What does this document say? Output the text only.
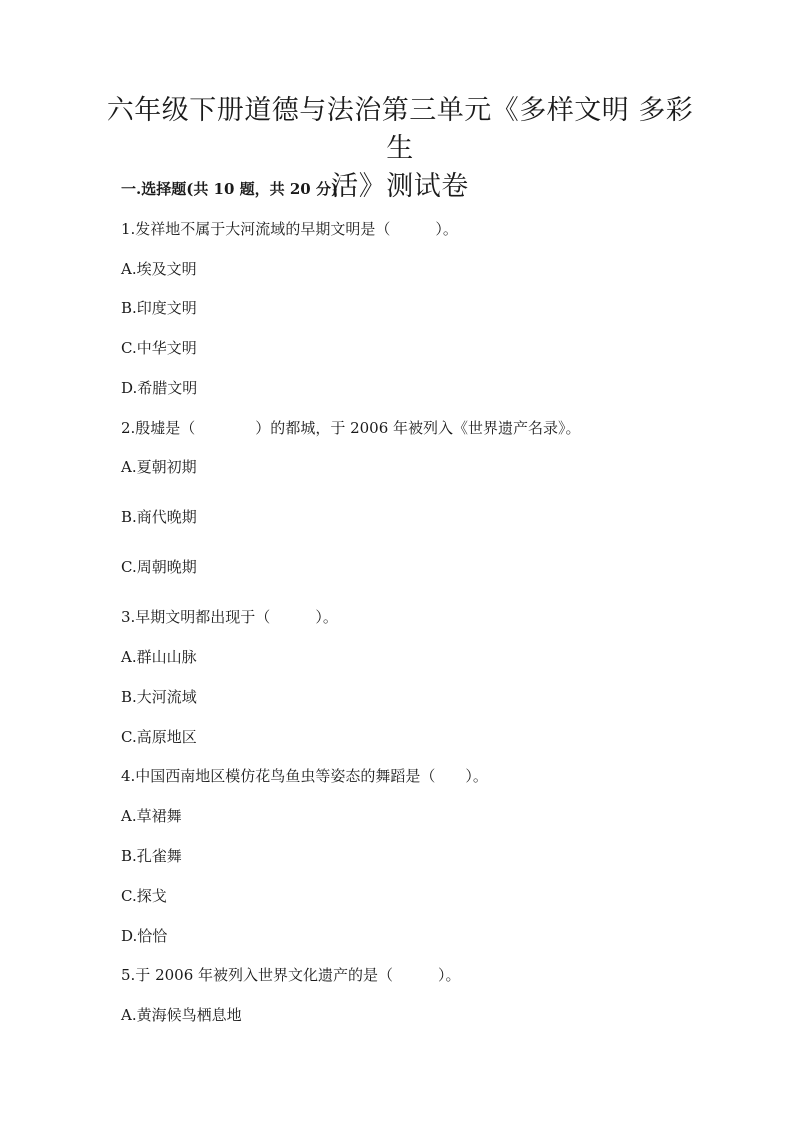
六年级下册道德与法治第三单元《多样文明 多彩生
活》测试卷
一.选择题(共 10 题，共 20 分)
1.发祥地不属于大河流域的早期文明是（　　　）。
A.埃及文明
B.印度文明
C.中华文明
D.希腊文明
2.殷墟是（　　　　）的都城，于 2006 年被列入《世界遗产名录》。
A.夏朝初期
B.商代晚期
C.周朝晚期
3.早期文明都出现于（　　　）。
A.群山山脉
B.大河流域
C.高原地区
4.中国西南地区模仿花鸟鱼虫等姿态的舞蹈是（　　）。
A.草裙舞
B.孔雀舞
C.探戈
D.恰恰
5.于 2006 年被列入世界文化遗产的是（　　　）。
A.黄海候鸟栖息地
